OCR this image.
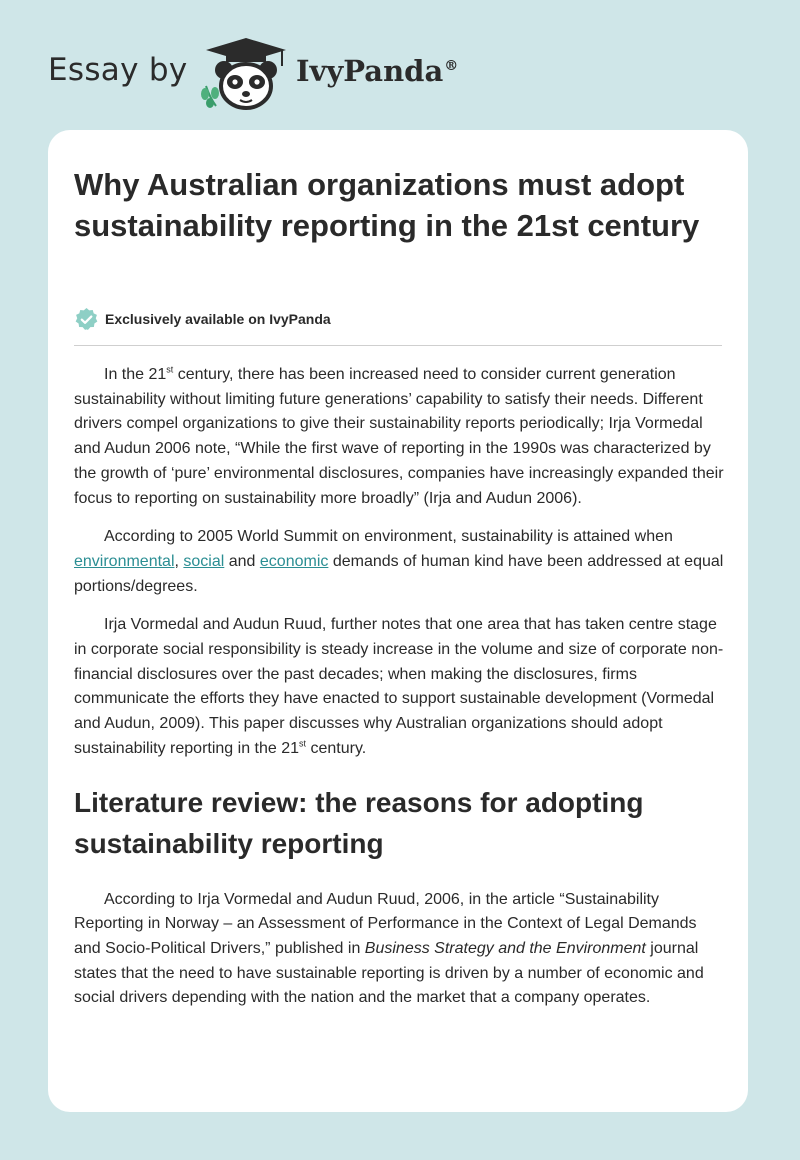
Essay by	IvyPanda®
Why Australian organizations must adopt sustainability reporting in the 21st century
Exclusively available on IvyPanda

In the 21st century, there has been increased need to consider current generation sustainability without limiting future generations’ capability to satisfy their needs. Different drivers compel organizations to give their sustainability reports periodically; Irja Vormedal and Audun 2006 note, “While the first wave of reporting in the 1990s was characterized by the growth of ‘pure’ environmental disclosures, companies have increasingly expanded their focus to reporting on sustainability more broadly” (Irja and Audun 2006).

According to 2005 World Summit on environment, sustainability is attained when environmental, social and economic demands of human kind have been addressed at equal portions/degrees.

Irja Vormedal and Audun Ruud, further notes that one area that has taken centre stage in corporate social responsibility is steady increase in the volume and size of corporate non-financial disclosures over the past decades; when making the disclosures, firms communicate the efforts they have enacted to support sustainable development (Vormedal and Audun, 2009). This paper discusses why Australian organizations should adopt sustainability reporting in the 21st century.

Literature review: the reasons for adopting sustainability reporting

According to Irja Vormedal and Audun Ruud, 2006, in the article “Sustainability Reporting in Norway – an Assessment of Performance in the Context of Legal Demands and Socio-Political Drivers,” published in Business Strategy and the Environment journal states that the need to have sustainable reporting is driven by a number of economic and social drivers depending with the nation and the market that a company operates.
